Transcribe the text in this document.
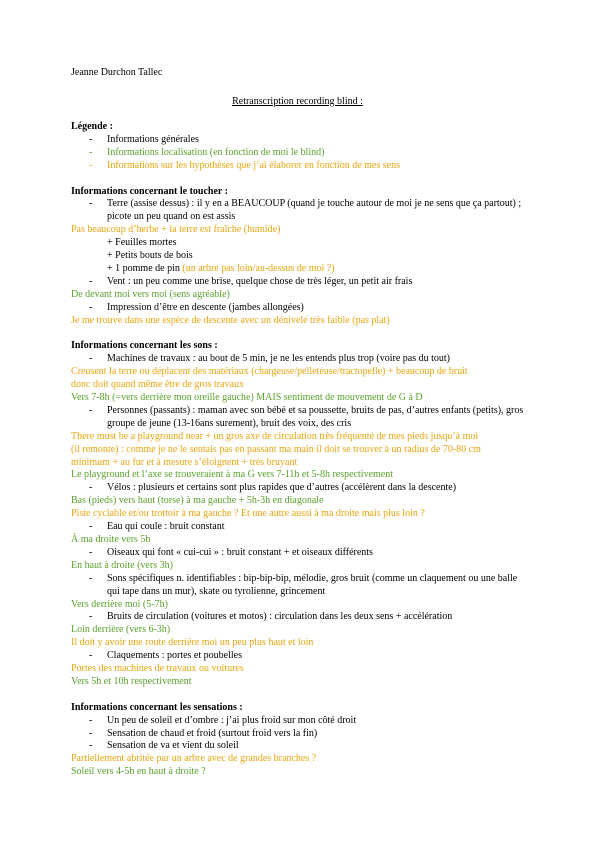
Jeanne Durchon Tallec
Retranscription recording blind :
Légende :
- Informations générales
- Informations localisation (en fonction de moi le blind)
- Informations sur les hypothèses que j’ai élaborer en fonction de mes sens
Informations concernant le toucher :
- Terre (assise dessus) : il y en a BEAUCOUP (quand je touche autour de moi je ne sens que ça partout) ; picote un peu quand on est assis
Pas beaucoup d’herbe + la terre est fraîche (humide)
+ Feuilles mortes
+ Petits bouts de bois
+ 1 pomme de pin (un arbre pas loin/au-dessus de moi ?)
- Vent : un peu comme une brise, quelque chose de très léger, un petit air frais
De devant moi vers moi (sens agréable)
- Impression d’être en descente (jambes allongées)
Je me trouve dans une espèce de descente avec un dénivelé très faible (pas plat)
Informations concernant les sons :
- Machines de travaux : au bout de 5 min, je ne les entends plus trop (voire pas du tout)
Creusent la terre ou déplacent des matériaux (chargeuse/pelleteuse/tractopelle) + beaucoup de bruit
donc doit quand même être de gros travaux
Vers 7-8h (=vers derrière mon oreille gauche) MAIS sentiment de mouvement de G à D
- Personnes (passants) : maman avec son bébé et sa poussette, bruits de pas, d’autres enfants (petits), gros groupe de jeune (13-16ans surement), bruit des voix, des cris
There must be a playground near + un gros axe de circulation très fréquenté de mes pieds jusqu’à moi
(il remonte) : comme je ne le sentais pas en passant ma main il doit se trouver à un radius de 70-80 cm
minimum + au fur et à mesure s’éloignent + très bruyant
Le playground et l’axe se trouveraient à ma G vers 7-11h et 5-8h respectivement
- Vélos : plusieurs et certains sont plus rapides que d’autres (accélèrent dans la descente)
Bas (pieds) vers haut (torse) à ma gauche + 5h-3h en diagonale
Piste cyclable et/ou trottoir à ma gauche ? Et une autre aussi à ma droite mais plus loin ?
- Eau qui coule : bruit constant
À ma droite vers 5h
- Oiseaux qui font « cui-cui » : bruit constant + et oiseaux différents
En haut à droite (vers 3h)
- Sons spécifiques n. identifiables : bip-bip-bip, mélodie, gros bruit (comme un claquement ou une balle qui tape dans un mur), skate ou tyrolienne, grincement
Vers derrière moi (5-7h)
- Bruits de circulation (voitures et motos) : circulation dans les deux sens + accélération
Loin derrière (vers 6-3h)
Il doit y avoir une route derrière moi un peu plus haut et loin
- Claquements : portes et poubelles
Portes des machines de travaux ou voitures
Vers 5h et 10h respectivement
Informations concernant les sensations :
- Un peu de soleil et d’ombre : j’ai plus froid sur mon côté droit
- Sensation de chaud et froid (surtout froid vers la fin)
- Sensation de va et vient du soleil
Partiellement abritée par un arbre avec de grandes branches ?
Soleil vers 4-5h en haut à droite ?
